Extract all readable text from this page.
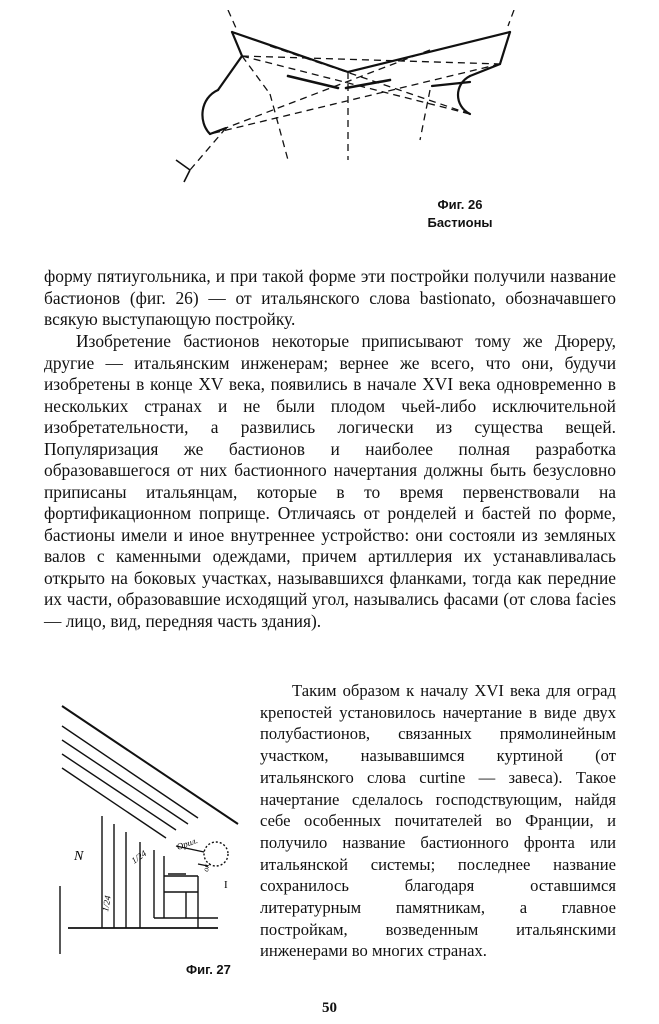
Фиг. 26
Бастионы

форму пятиугольника, и при такой форме эти постройки получили название бастионов (фиг. 26) — от итальянского слова bastionato, обозначавшего всякую выступающую постройку.

Изобретение бастионов некоторые приписывают тому же Дюреру, другие — итальянским инженерам; вернее же всего, что они, будучи изобретены в конце XV века, появились в начале XVI века одновременно в нескольких странах и не были плодом чьей-либо исключительной изобретательности, а развились логически из существа вещей. Популяризация же бастионов и наиболее полная разработка образовавшегося от них бастионного начертания должны быть безусловно приписаны итальянцам, которые в то время первенствовали на фортификационном поприще. Отличаясь от ронделей и бастей по форме, бастионы имели и иное внутреннее устройство: они состояли из земляных валов с каменными одеждами, причем артиллерия их устанавливалась открыто на боковых участках, называвшихся фланками, тогда как передние их части, образовавшие исходящий угол, назывались фасами (от слова facies — лицо, вид, передняя часть здания).

N	1/24
1/24
Орил.
ок.
I
Фиг. 27

Таким образом к началу XVI века для оград крепостей установилось начертание в виде двух полубастионов, связанных прямолинейным участком, называвшимся куртиной (от итальянского слова curtine — завеса). Такое начертание сделалось господствующим, найдя себе особенных почитателей во Франции, и получило название бастионного фронта или итальянской системы; последнее название сохранилось благодаря оставшимся литературным памятникам, а главное постройкам, возведенным итальянскими инженерами во многих странах.

50
